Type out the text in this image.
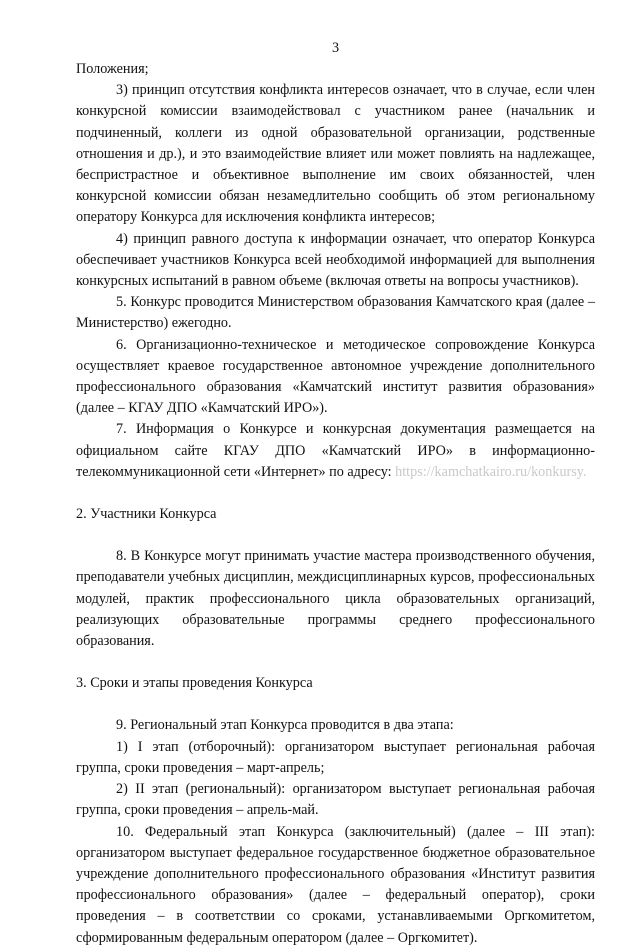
3

Положения;

3) принцип отсутствия конфликта интересов означает, что в случае, если член конкурсной комиссии взаимодействовал с участником ранее (начальник и подчиненный, коллеги из одной образовательной организации, родственные отношения и др.), и это взаимодействие влияет или может повлиять на надлежащее, беспристрастное и объективное выполнение им своих обязанностей, член конкурсной комиссии обязан незамедлительно сообщить об этом региональному оператору Конкурса для исключения конфликта интересов;

4) принцип равного доступа к информации означает, что оператор Конкурса обеспечивает участников Конкурса всей необходимой информацией для выполнения конкурсных испытаний в равном объеме (включая ответы на вопросы участников).

5. Конкурс проводится Министерством образования Камчатского края (далее – Министерство) ежегодно.

6. Организационно-техническое и методическое сопровождение Конкурса осуществляет краевое государственное автономное учреждение дополнительного профессионального образования «Камчатский институт развития образования» (далее – КГАУ ДПО «Камчатский ИРО»).

7. Информация о Конкурсе и конкурсная документация размещается на официальном сайте КГАУ ДПО «Камчатский ИРО» в информационно-телекоммуникационной сети «Интернет» по адресу: https://kamchatkairo.ru/konkursy.

2. Участники Конкурса

8. В Конкурсе могут принимать участие мастера производственного обучения, преподаватели учебных дисциплин, междисциплинарных курсов, профессиональных модулей, практик профессионального цикла образовательных организаций, реализующих образовательные программы среднего профессионального образования.

3. Сроки и этапы проведения Конкурса

9. Региональный этап Конкурса проводится в два этапа:

1) I этап (отборочный): организатором выступает региональная рабочая группа, сроки проведения – март-апрель;

2) II этап (региональный): организатором выступает региональная рабочая группа, сроки проведения – апрель-май.

10. Федеральный этап Конкурса (заключительный) (далее – III этап): организатором выступает федеральное государственное бюджетное образовательное учреждение дополнительного профессионального образования «Институт развития профессионального образования» (далее – федеральный оператор), сроки проведения – в соответствии со сроками, устанавливаемыми Оргкомитетом, сформированным федеральным оператором (далее – Оргкомитет).
